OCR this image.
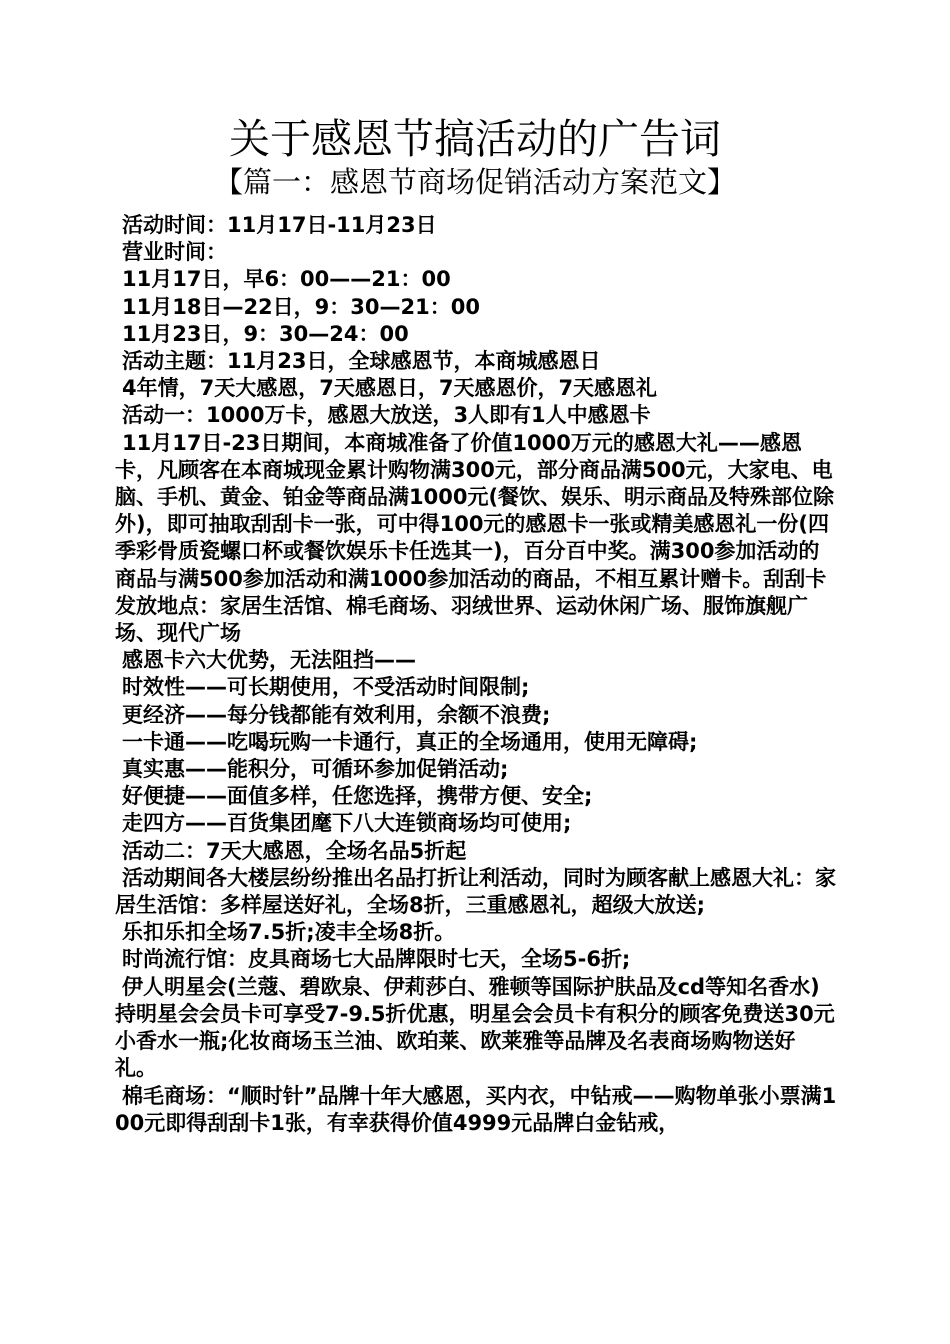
关于感恩节搞活动的广告词
【篇一：感恩节商场促销活动方案范文】

活动时间：11月17日-11月23日

营业时间：

11月17日，早6：00——21：00

11月18日—22日，9：30—21：00

11月23日，9：30—24：00

活动主题：11月23日，全球感恩节，本商城感恩日

4年情，7天大感恩，7天感恩日，7天感恩价，7天感恩礼

活动一：1000万卡，感恩大放送，3人即有1人中感恩卡

11月17日-23日期间，本商城准备了价值1000万元的感恩大礼——感恩卡，凡顾客在本商城现金累计购物满300元，部分商品满500元，大家电、电脑、手机、黄金、铂金等商品满1000元(餐饮、娱乐、明示商品及特殊部位除外)，即可抽取刮刮卡一张，可中得100元的感恩卡一张或精美感恩礼一份(四季彩骨质瓷螺口杯或餐饮娱乐卡任选其一)，百分百中奖。满300参加活动的商品与满500参加活动和满1000参加活动的商品，不相互累计赠卡。刮刮卡发放地点：家居生活馆、棉毛商场、羽绒世界、运动休闲广场、服饰旗舰广场、现代广场

感恩卡六大优势，无法阻挡——

时效性——可长期使用，不受活动时间限制;

更经济——每分钱都能有效利用，余额不浪费;

一卡通——吃喝玩购一卡通行，真正的全场通用，使用无障碍;

真实惠——能积分，可循环参加促销活动;

好便捷——面值多样，任您选择，携带方便、安全;

走四方——百货集团麾下八大连锁商场均可使用;

活动二：7天大感恩，全场名品5折起

活动期间各大楼层纷纷推出名品打折让利活动，同时为顾客献上感恩大礼：家居生活馆：多样屋送好礼，全场8折，三重感恩礼，超级大放送;

乐扣乐扣全场7.5折;凌丰全场8折。

时尚流行馆：皮具商场七大品牌限时七天，全场5-6折;

伊人明星会(兰蔻、碧欧泉、伊莉莎白、雅顿等国际护肤品及cd等知名香水)持明星会会员卡可享受7-9.5折优惠，明星会会员卡有积分的顾客免费送30元小香水一瓶;化妆商场玉兰油、欧珀莱、欧莱雅等品牌及名表商场购物送好礼。

棉毛商场：“顺时针”品牌十年大感恩，买内衣，中钻戒——购物单张小票满100元即得刮刮卡1张，有幸获得价值4999元品牌白金钻戒，
